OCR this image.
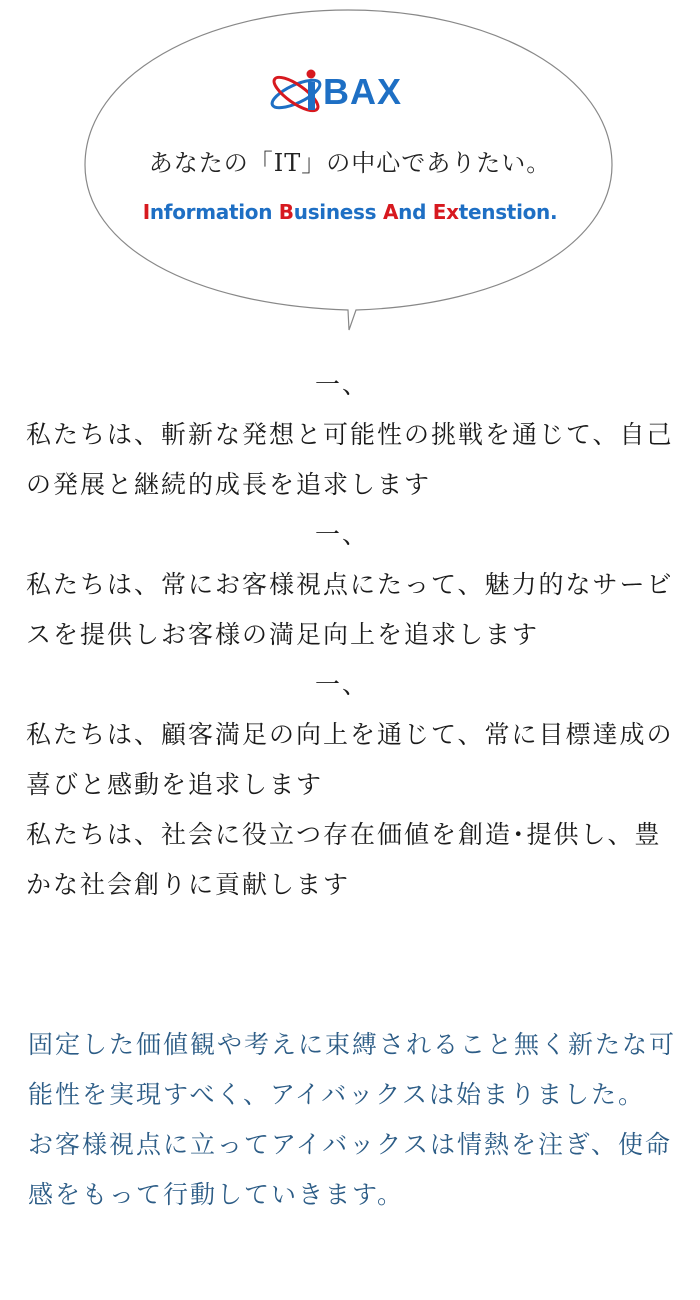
BAX
あなたの「IT」の中心でありたい。
Information Business And Extenstion.
一、
私たちは、斬新な発想と可能性の挑戦を通じて、自己の発展と継続的成長を追求します
一、
私たちは、常にお客様視点にたって、魅力的なサービスを提供しお客様の満足向上を追求します
一、
私たちは、顧客満足の向上を通じて、常に目標達成の喜びと感動を追求します
私たちは、社会に役立つ存在価値を創造･提供し、豊かな社会創りに貢献します
固定した価値観や考えに束縛されること無く新たな可能性を実現すべく、アイバックスは始まりました。
お客様視点に立ってアイバックスは情熱を注ぎ、使命感をもって行動していきます。
